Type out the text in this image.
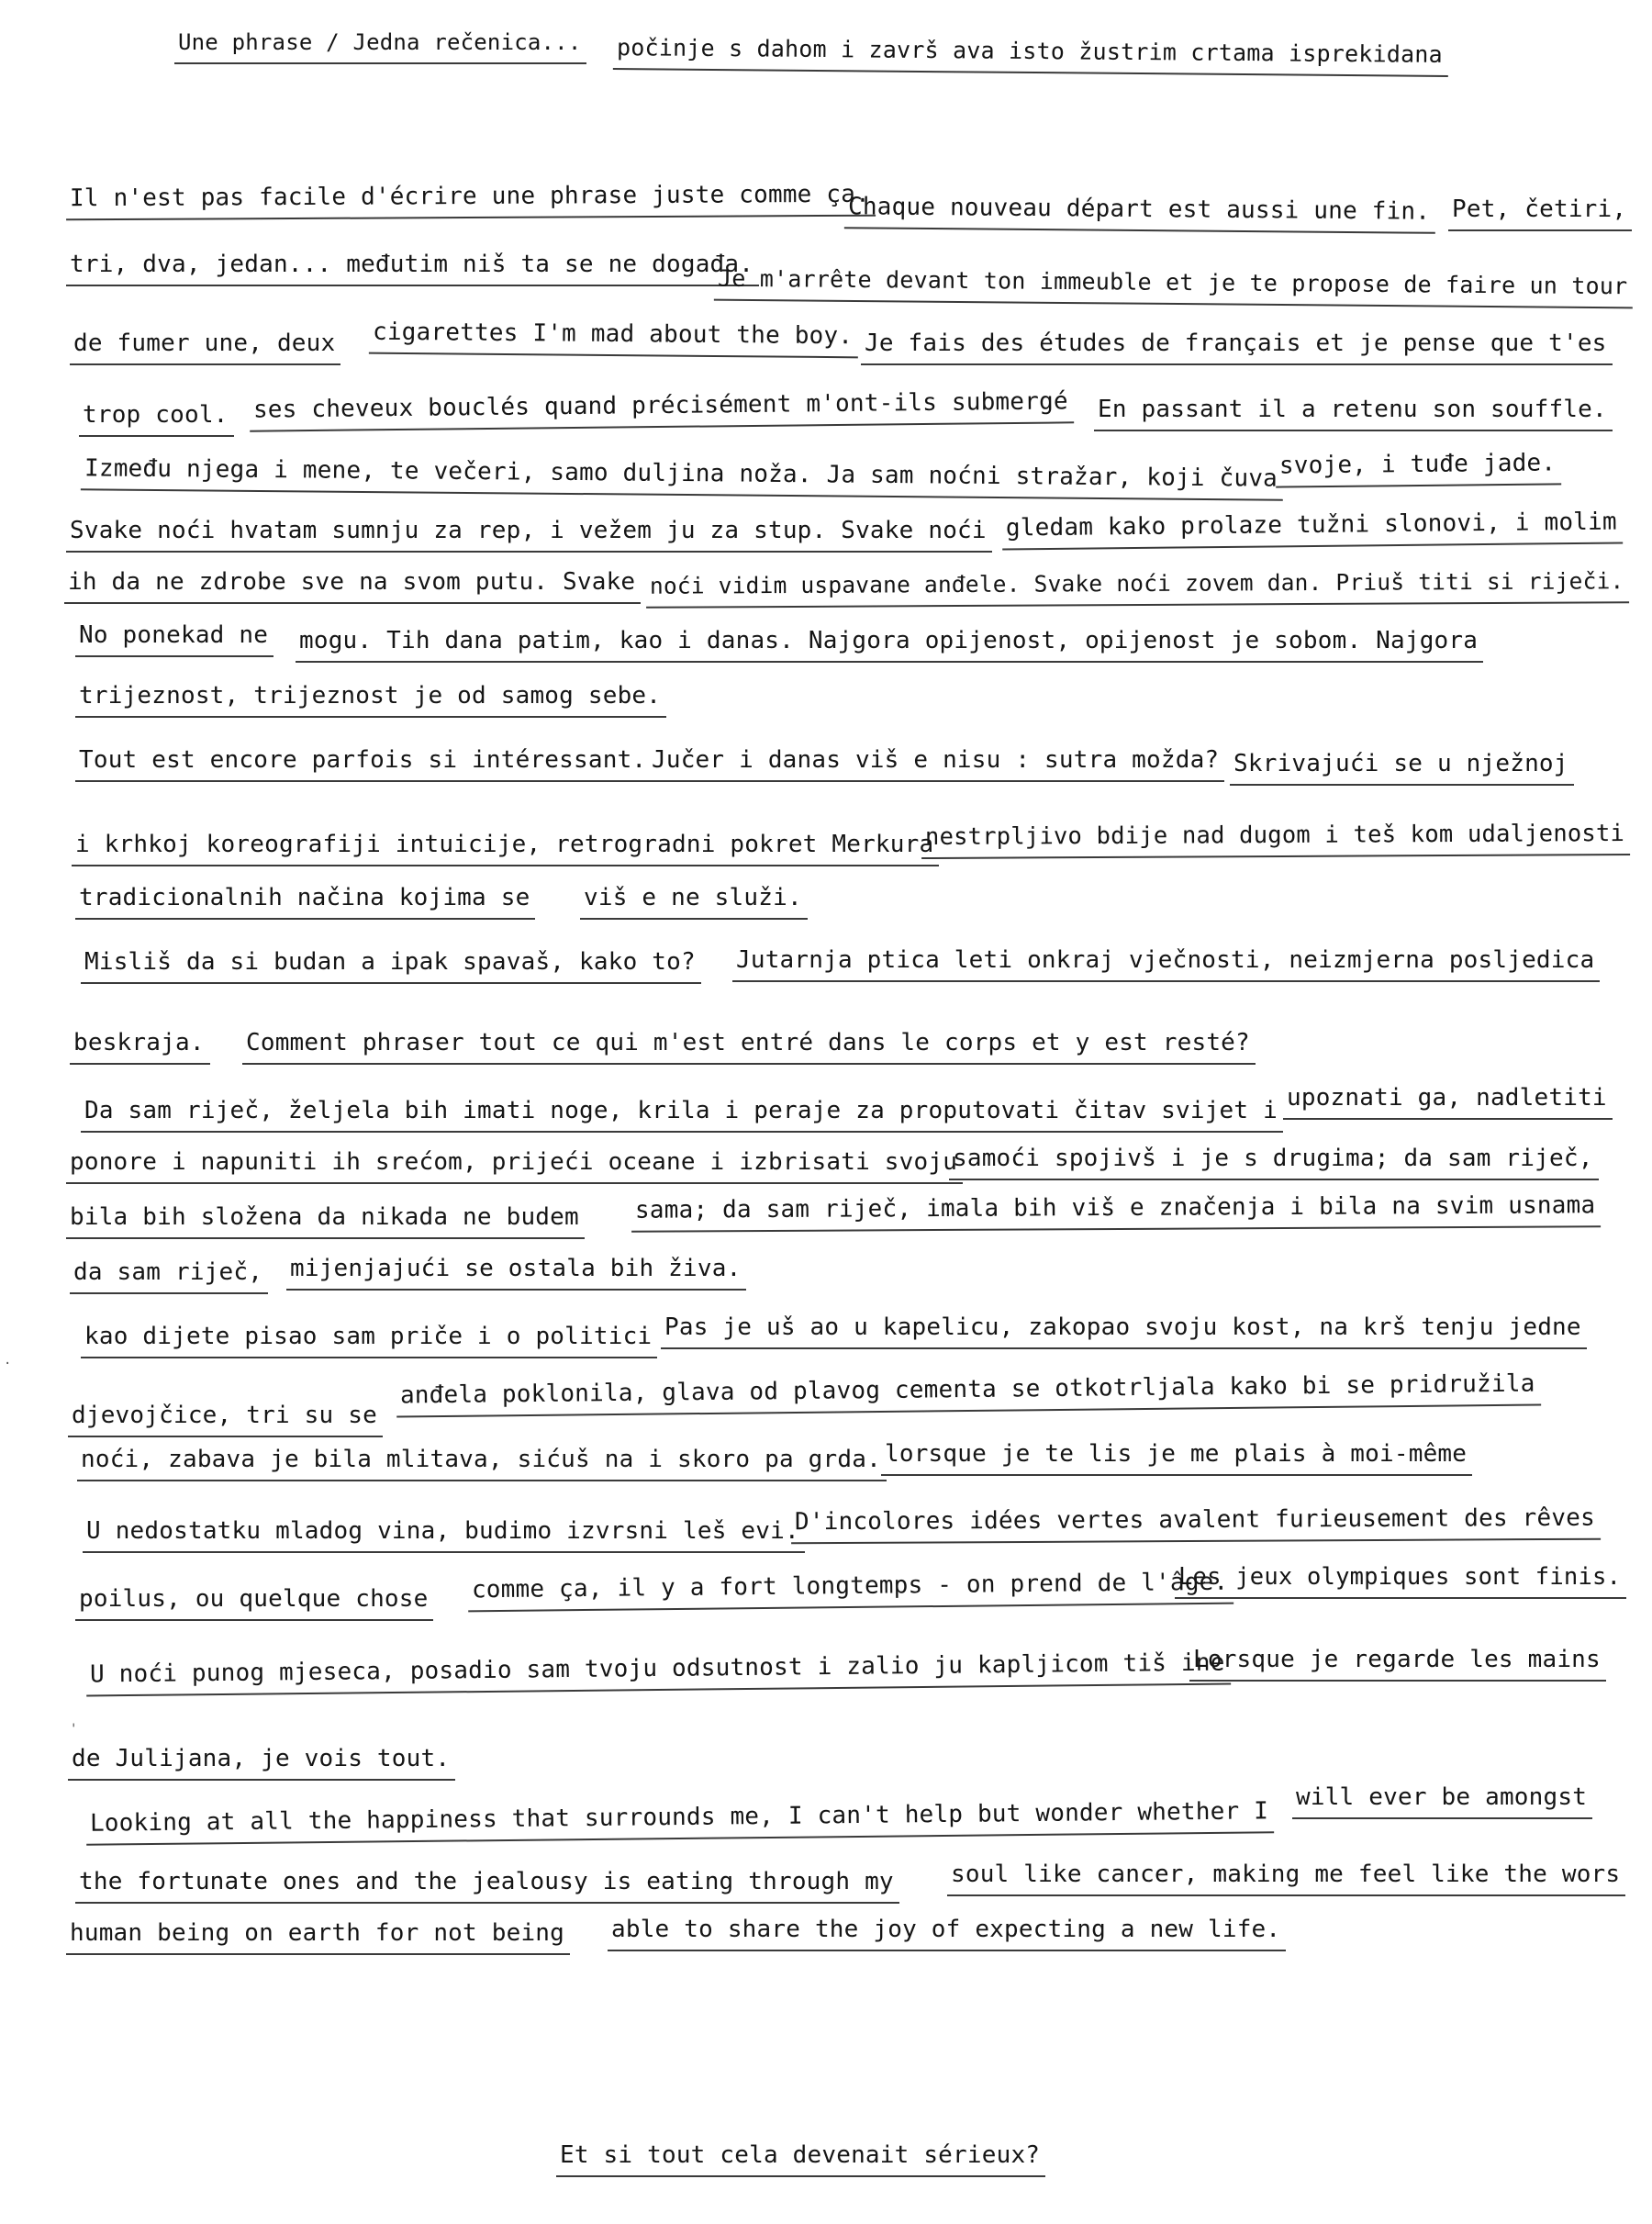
Une phrase / Jedna rečenica... počinje s dahom i završ ava isto žustrim crtama isprekidana
Il n'est pas facile d'écrire une phrase juste comme ça.
Chaque nouveau départ est aussi une fin. Pet, četiri,
tri, dva, jedan... međutim niš ta se ne događa.
Je m'arrête devant ton immeuble et je te propose de faire un tour
de fumer une, deux cigarettes I'm mad about the boy. Je fais des études de français et je pense que t'es
trop cool. ses cheveux bouclés quand précisément m'ont-ils submergé En passant il a retenu son souffle.
Između njega i mene, te večeri, samo duljina noža. Ja sam noćni stražar, koji čuva svoje, i tuđe jade.
Svake noći hvatam sumnju za rep, i vežem ju za stup. Svake noći gledam kako prolaze tužni slonovi, i molim
ih da ne zdrobe sve na svom putu. Svake noći vidim uspavane anđele. Svake noći zovem dan. Priuš titi si riječi.
No ponekad ne mogu. Tih dana patim, kao i danas. Najgora opijenost, opijenost je sobom. Najgora
trijeznost, trijeznost je od samog sebe.
Tout est encore parfois si intéressant. Jučer i danas viš e nisu : sutra možda? Skrivajući se u nježnoj
i krhkoj koreografiji intuicije, retrogradni pokret Merkura
nestrpljivo bdije nad dugom i teš kom udaljenosti
tradicionalnih načina kojima se viš e ne služi.
Misliš da si budan a ipak spavaš, kako to? Jutarnja ptica leti onkraj vječnosti, neizmjerna posljedica
beskraja. Comment phraser tout ce qui m'est entré dans le corps et y est resté?
Da sam riječ, željela bih imati noge, krila i peraje za proputovati čitav svijet i upoznati ga, nadletiti
ponore i napuniti ih srećom, prijeći oceane i izbrisati svoju
samoći spojivš i je s drugima; da sam riječ,
bila bih složena da nikada ne budem sama; da sam riječ, imala bih viš e značenja i bila na svim usnama
da sam riječ, mijenjajući se ostala bih živa.
kao dijete pisao sam priče i o politici Pas je uš ao u kapelicu, zakopao svoju kost, na krš tenju jedne
djevojčice, tri su se
anđela poklonila, glava od plavog cementa se otkotrljala kako bi se pridružila
noći, zabava je bila mlitava, sićuš na i skoro pa grda. lorsque je te lis je me plais à moi-même
U nedostatku mladog vina, budimo izvrsni leš evi.
D'incolores idées vertes avalent furieusement des rêves
poilus, ou quelque chose comme ça, il y a fort longtemps - on prend de l'âge.
Les jeux olympiques sont finis.
U noći punog mjeseca, posadio sam tvoju odsutnost i zalio ju kapljicom tiš ine
Lorsque je regarde les mains
de Julijana, je vois tout.
Looking at all the happiness that surrounds me, I can't help but wonder whether I
will ever be amongst
the fortunate ones and the jealousy is eating through my soul like cancer, making me feel like the wors
human being on earth for not being able to share the joy of expecting a new life.
Et si tout cela devenait sérieux?
·
'
